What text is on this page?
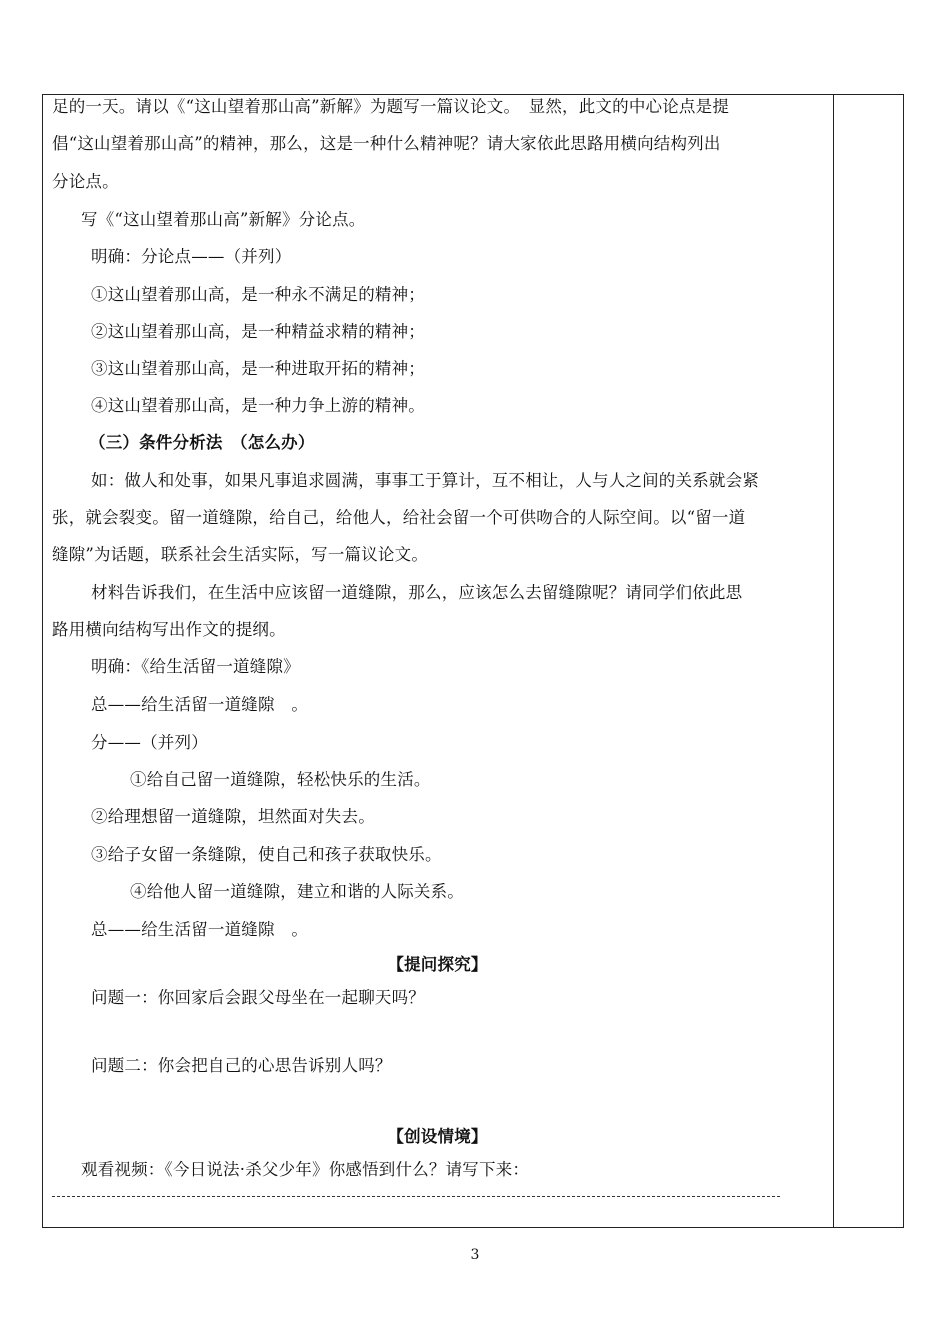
足的一天。请以《“这山望着那山高”新解》为题写一篇议论文。　显然，此文的中心论点是提
倡“这山望着那山高”的精神，那么，这是一种什么精神呢？请大家依此思路用横向结构列出
分论点。
写《“这山望着那山高”新解》分论点。
明确：分论点——（并列）
①这山望着那山高，是一种永不满足的精神；
②这山望着那山高，是一种精益求精的精神；
③这山望着那山高，是一种进取开拓的精神；
④这山望着那山高，是一种力争上游的精神。
（三）条件分析法　（怎么办）
如：做人和处事，如果凡事追求圆满，事事工于算计，互不相让，人与人之间的关系就会紧
张，就会裂变。留一道缝隙，给自己，给他人，给社会留一个可供吻合的人际空间。以“留一道
缝隙”为话题，联系社会生活实际，写一篇议论文。
材料告诉我们，在生活中应该留一道缝隙，那么，应该怎么去留缝隙呢？请同学们依此思
路用横向结构写出作文的提纲。
明确：《给生活留一道缝隙》
总——给生活留一道缝隙　。
分——（并列）
①给自己留一道缝隙，轻松快乐的生活。
②给理想留一道缝隙，坦然面对失去。
③给子女留一条缝隙，使自己和孩子获取快乐。
④给他人留一道缝隙，建立和谐的人际关系。
总——给生活留一道缝隙　。
【提问探究】
问题一：你回家后会跟父母坐在一起聊天吗？
问题二：你会把自己的心思告诉别人吗？
【创设情境】
观看视频：《今日说法·杀父少年》你感悟到什么？请写下来：
3
